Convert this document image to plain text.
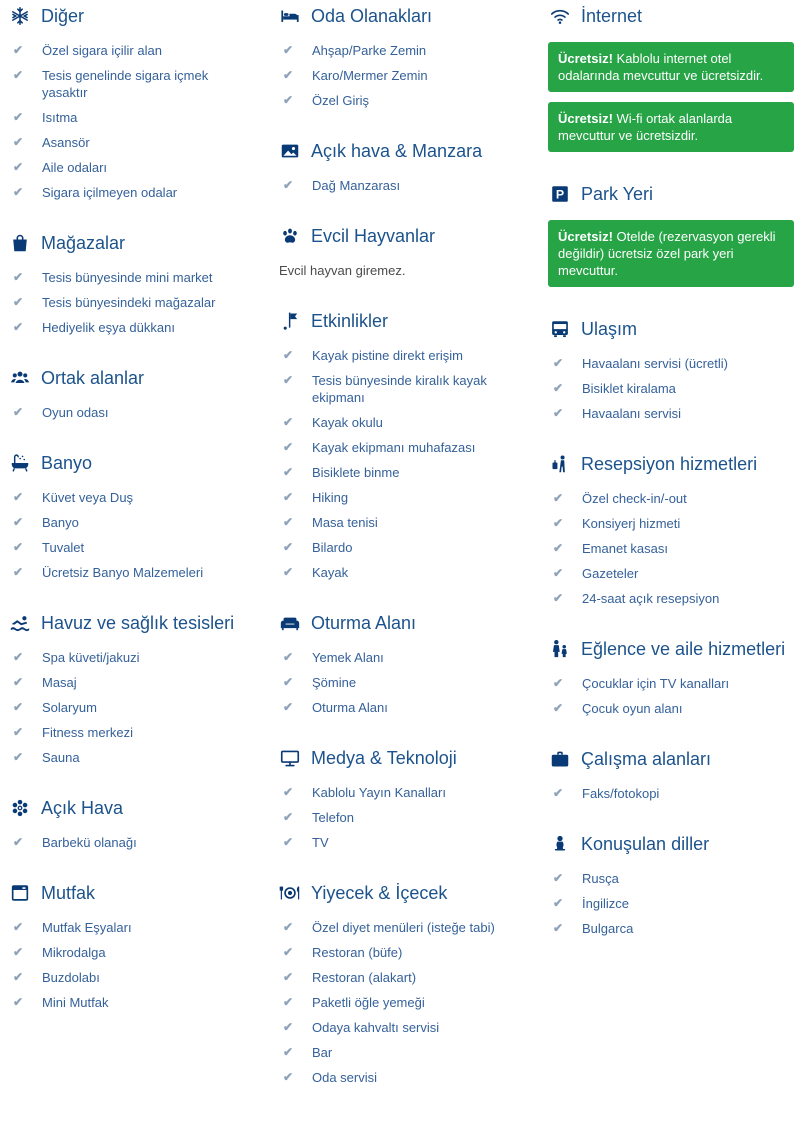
Diğer
✔	Özel sigara içilir alan
✔	Tesis genelinde sigara içmek yasaktır
✔	Isıtma
✔	Asansör
✔	Aile odaları
✔	Sigara içilmeyen odalar
Mağazalar
✔	Tesis bünyesinde mini market
✔	Tesis bünyesindeki mağazalar
✔	Hediyelik eşya dükkanı
Ortak alanlar
✔	Oyun odası
Banyo
✔	Küvet veya Duş
✔	Banyo
✔	Tuvalet
✔	Ücretsiz Banyo Malzemeleri
Havuz ve sağlık tesisleri
✔	Spa küveti/jakuzi
✔	Masaj
✔	Solaryum
✔	Fitness merkezi
✔	Sauna
Açık Hava
✔	Barbekü olanağı
Mutfak
✔	Mutfak Eşyaları
✔	Mikrodalga
✔	Buzdolabı
✔	Mini Mutfak
Oda Olanakları
✔	Ahşap/Parke Zemin
✔	Karo/Mermer Zemin
✔	Özel Giriş
Açık hava & Manzara
✔	Dağ Manzarası
Evcil Hayvanlar

Evcil hayvan giremez.

Etkinlikler
✔	Kayak pistine direkt erişim
✔	Tesis bünyesinde kiralık kayak ekipmanı
✔	Kayak okulu
✔	Kayak ekipmanı muhafazası
✔	Bisiklete binme
✔	Hiking
✔	Masa tenisi
✔	Bilardo
✔	Kayak
Oturma Alanı
✔	Yemek Alanı
✔	Şömine
✔	Oturma Alanı
Medya & Teknoloji
✔	Kablolu Yayın Kanalları
✔	Telefon
✔	TV
Yiyecek & İçecek
✔	Özel diyet menüleri (isteğe tabi)
✔	Restoran (büfe)
✔	Restoran (alakart)
✔	Paketli öğle yemeği
✔	Odaya kahvaltı servisi
✔	Bar
✔	Oda servisi
İnternet
Ücretsiz! Kablolu internet otel odalarında mevcuttur ve ücretsizdir.
Ücretsiz! Wi-fi ortak alanlarda mevcuttur ve ücretsizdir.
P Park Yeri
Ücretsiz! Otelde (rezervasyon gerekli değildir) ücretsiz özel park yeri mevcuttur.
Ulaşım
✔	Havaalanı servisi (ücretli)
✔	Bisiklet kiralama
✔	Havaalanı servisi
Resepsiyon hizmetleri
✔	Özel check-in/-out
✔	Konsiyerj hizmeti
✔	Emanet kasası
✔	Gazeteler
✔	24-saat açık resepsiyon
Eğlence ve aile hizmetleri
✔	Çocuklar için TV kanalları
✔	Çocuk oyun alanı
Çalışma alanları
✔	Faks/fotokopi
Konuşulan diller
✔	Rusça
✔	İngilizce
✔	Bulgarca
